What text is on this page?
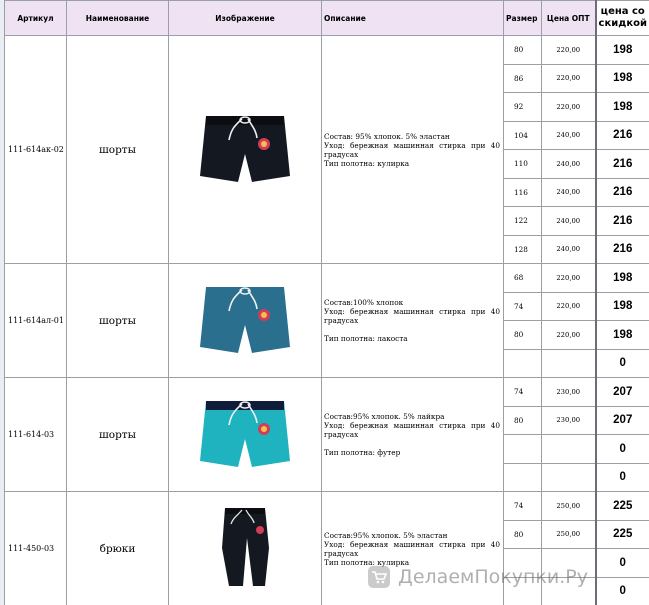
Артикул	Наименование	Изображение	Описание	Размер	Цена ОПТ	цена со скидкой
111-614ак-02	шорты		Состав: 95% хлопок. 5% эластан
Уход: бережная машинная стирка при 40 градусах
Тип полотна: кулирка	80	220,00	198
				86	220,00	198
				92	220,00	198
				104	240,00	216
				110	240,00	216
				116	240,00	216
				122	240,00	216
				128	240,00	216
111-614ал-01	шорты		Состав:100% хлопок
Уход: бережная машинная стирка при 40 градусах
Тип полотна: лакоста	68	220,00	198
				74	220,00	198
				80	220,00	198
						0
111-614-03	шорты		Состав:95% хлопок. 5% лайкра
Уход: бережная машинная стирка при 40 градусах
Тип полотна: футер	74	230,00	207
				80	230,00	207
						0
						0
111-450-03	брюки		Состав:95% хлопок. 5% эластан
Уход: бережная машинная стирка при 40 градусах
Тип полотна: кулирка	74	250,00	225
				80	250,00	225
						0
						0
ДелаемПокупки.Ру
